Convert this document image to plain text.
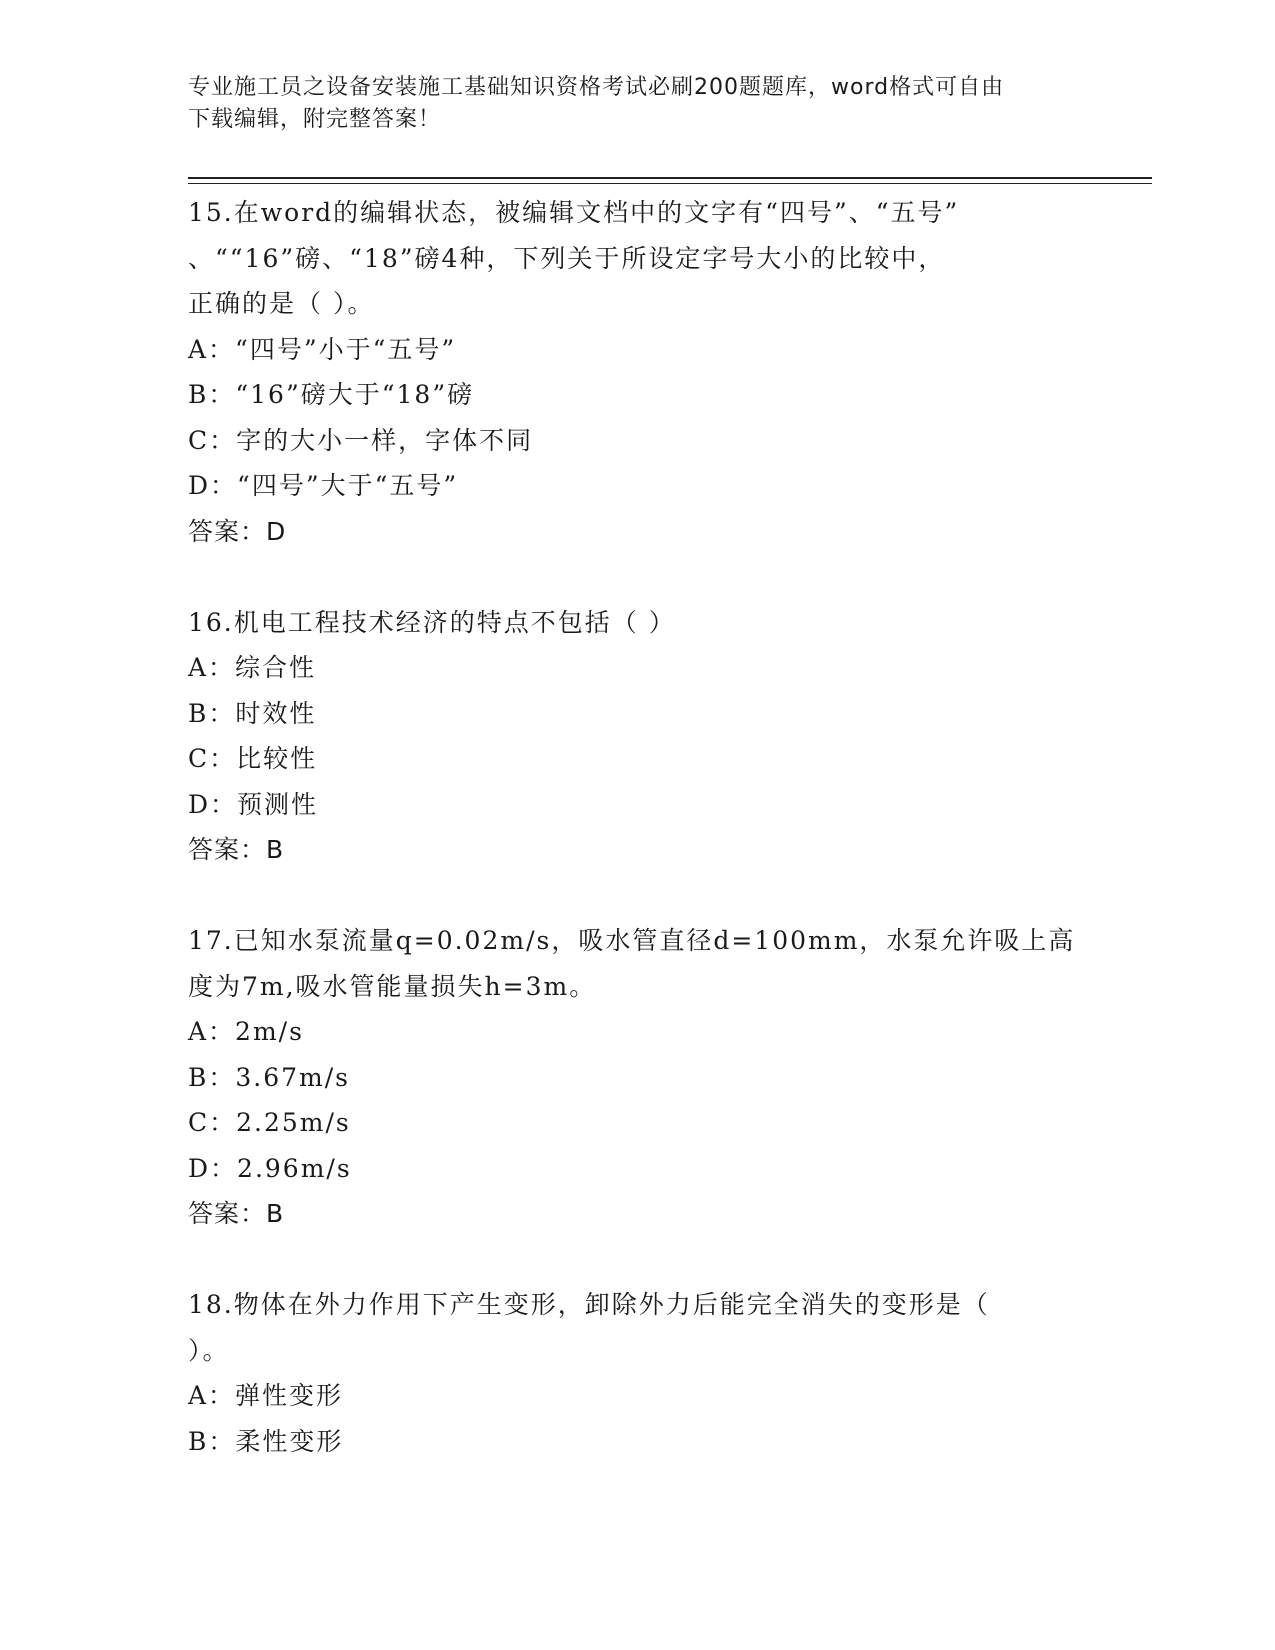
专业施工员之设备安装施工基础知识资格考试必刷200题题库，word格式可自由
下载编辑，附完整答案！
15.在word的编辑状态，被编辑文档中的文字有“四号”、“五号”
、““16”磅、“18”磅4种，下列关于所设定字号大小的比较中，
正确的是（ ）。
A：“四号”小于“五号”
B：“16”磅大于“18”磅
C：字的大小一样，字体不同
D：“四号”大于“五号”
答案：D
16.机电工程技术经济的特点不包括（ ）
A：综合性
B：时效性
C：比较性
D：预测性
答案：B
17.已知水泵流量q=0.02m/s，吸水管直径d=100mm，水泵允许吸上高
度为7m,吸水管能量损失h=3m。
A：2m/s
B：3.67m/s
C：2.25m/s
D：2.96m/s
答案：B
18.物体在外力作用下产生变形，卸除外力后能完全消失的变形是（
）。
A：弹性变形
B：柔性变形
